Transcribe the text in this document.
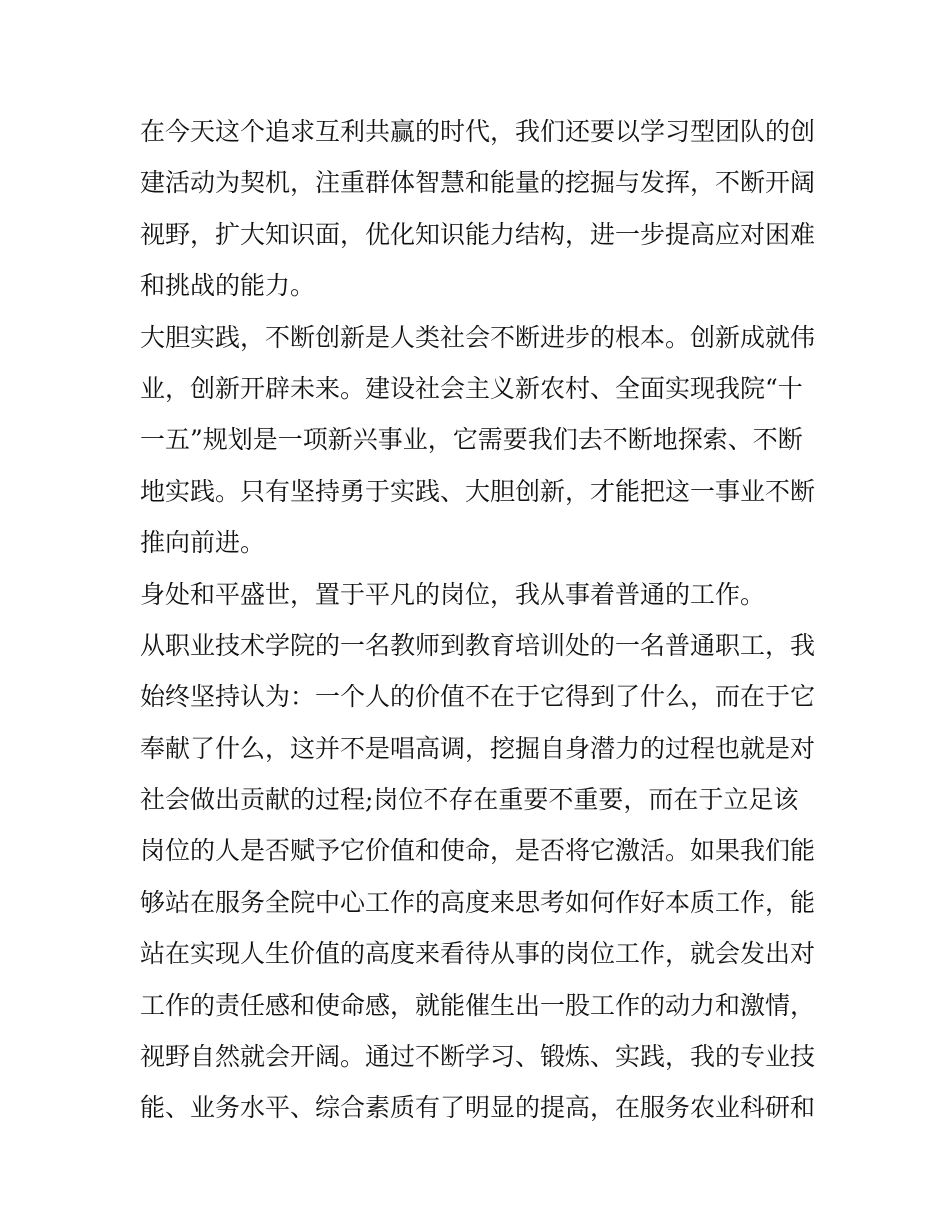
在今天这个追求互利共赢的时代，我们还要以学习型团队的创
建活动为契机，注重群体智慧和能量的挖掘与发挥，不断开阔
视野，扩大知识面，优化知识能力结构，进一步提高应对困难
和挑战的能力。
大胆实践，不断创新是人类社会不断进步的根本。创新成就伟
业，创新开辟未来。建设社会主义新农村、全面实现我院“十
一五”规划是一项新兴事业，它需要我们去不断地探索、不断
地实践。只有坚持勇于实践、大胆创新，才能把这一事业不断
推向前进。
身处和平盛世，置于平凡的岗位，我从事着普通的工作。
从职业技术学院的一名教师到教育培训处的一名普通职工，我
始终坚持认为：一个人的价值不在于它得到了什么，而在于它
奉献了什么，这并不是唱高调，挖掘自身潜力的过程也就是对
社会做出贡献的过程;岗位不存在重要不重要，而在于立足该
岗位的人是否赋予它价值和使命，是否将它激活。如果我们能
够站在服务全院中心工作的高度来思考如何作好本质工作，能
站在实现人生价值的高度来看待从事的岗位工作，就会发出对
工作的责任感和使命感，就能催生出一股工作的动力和激情，
视野自然就会开阔。通过不断学习、锻炼、实践，我的专业技
能、业务水平、综合素质有了明显的提高，在服务农业科研和
